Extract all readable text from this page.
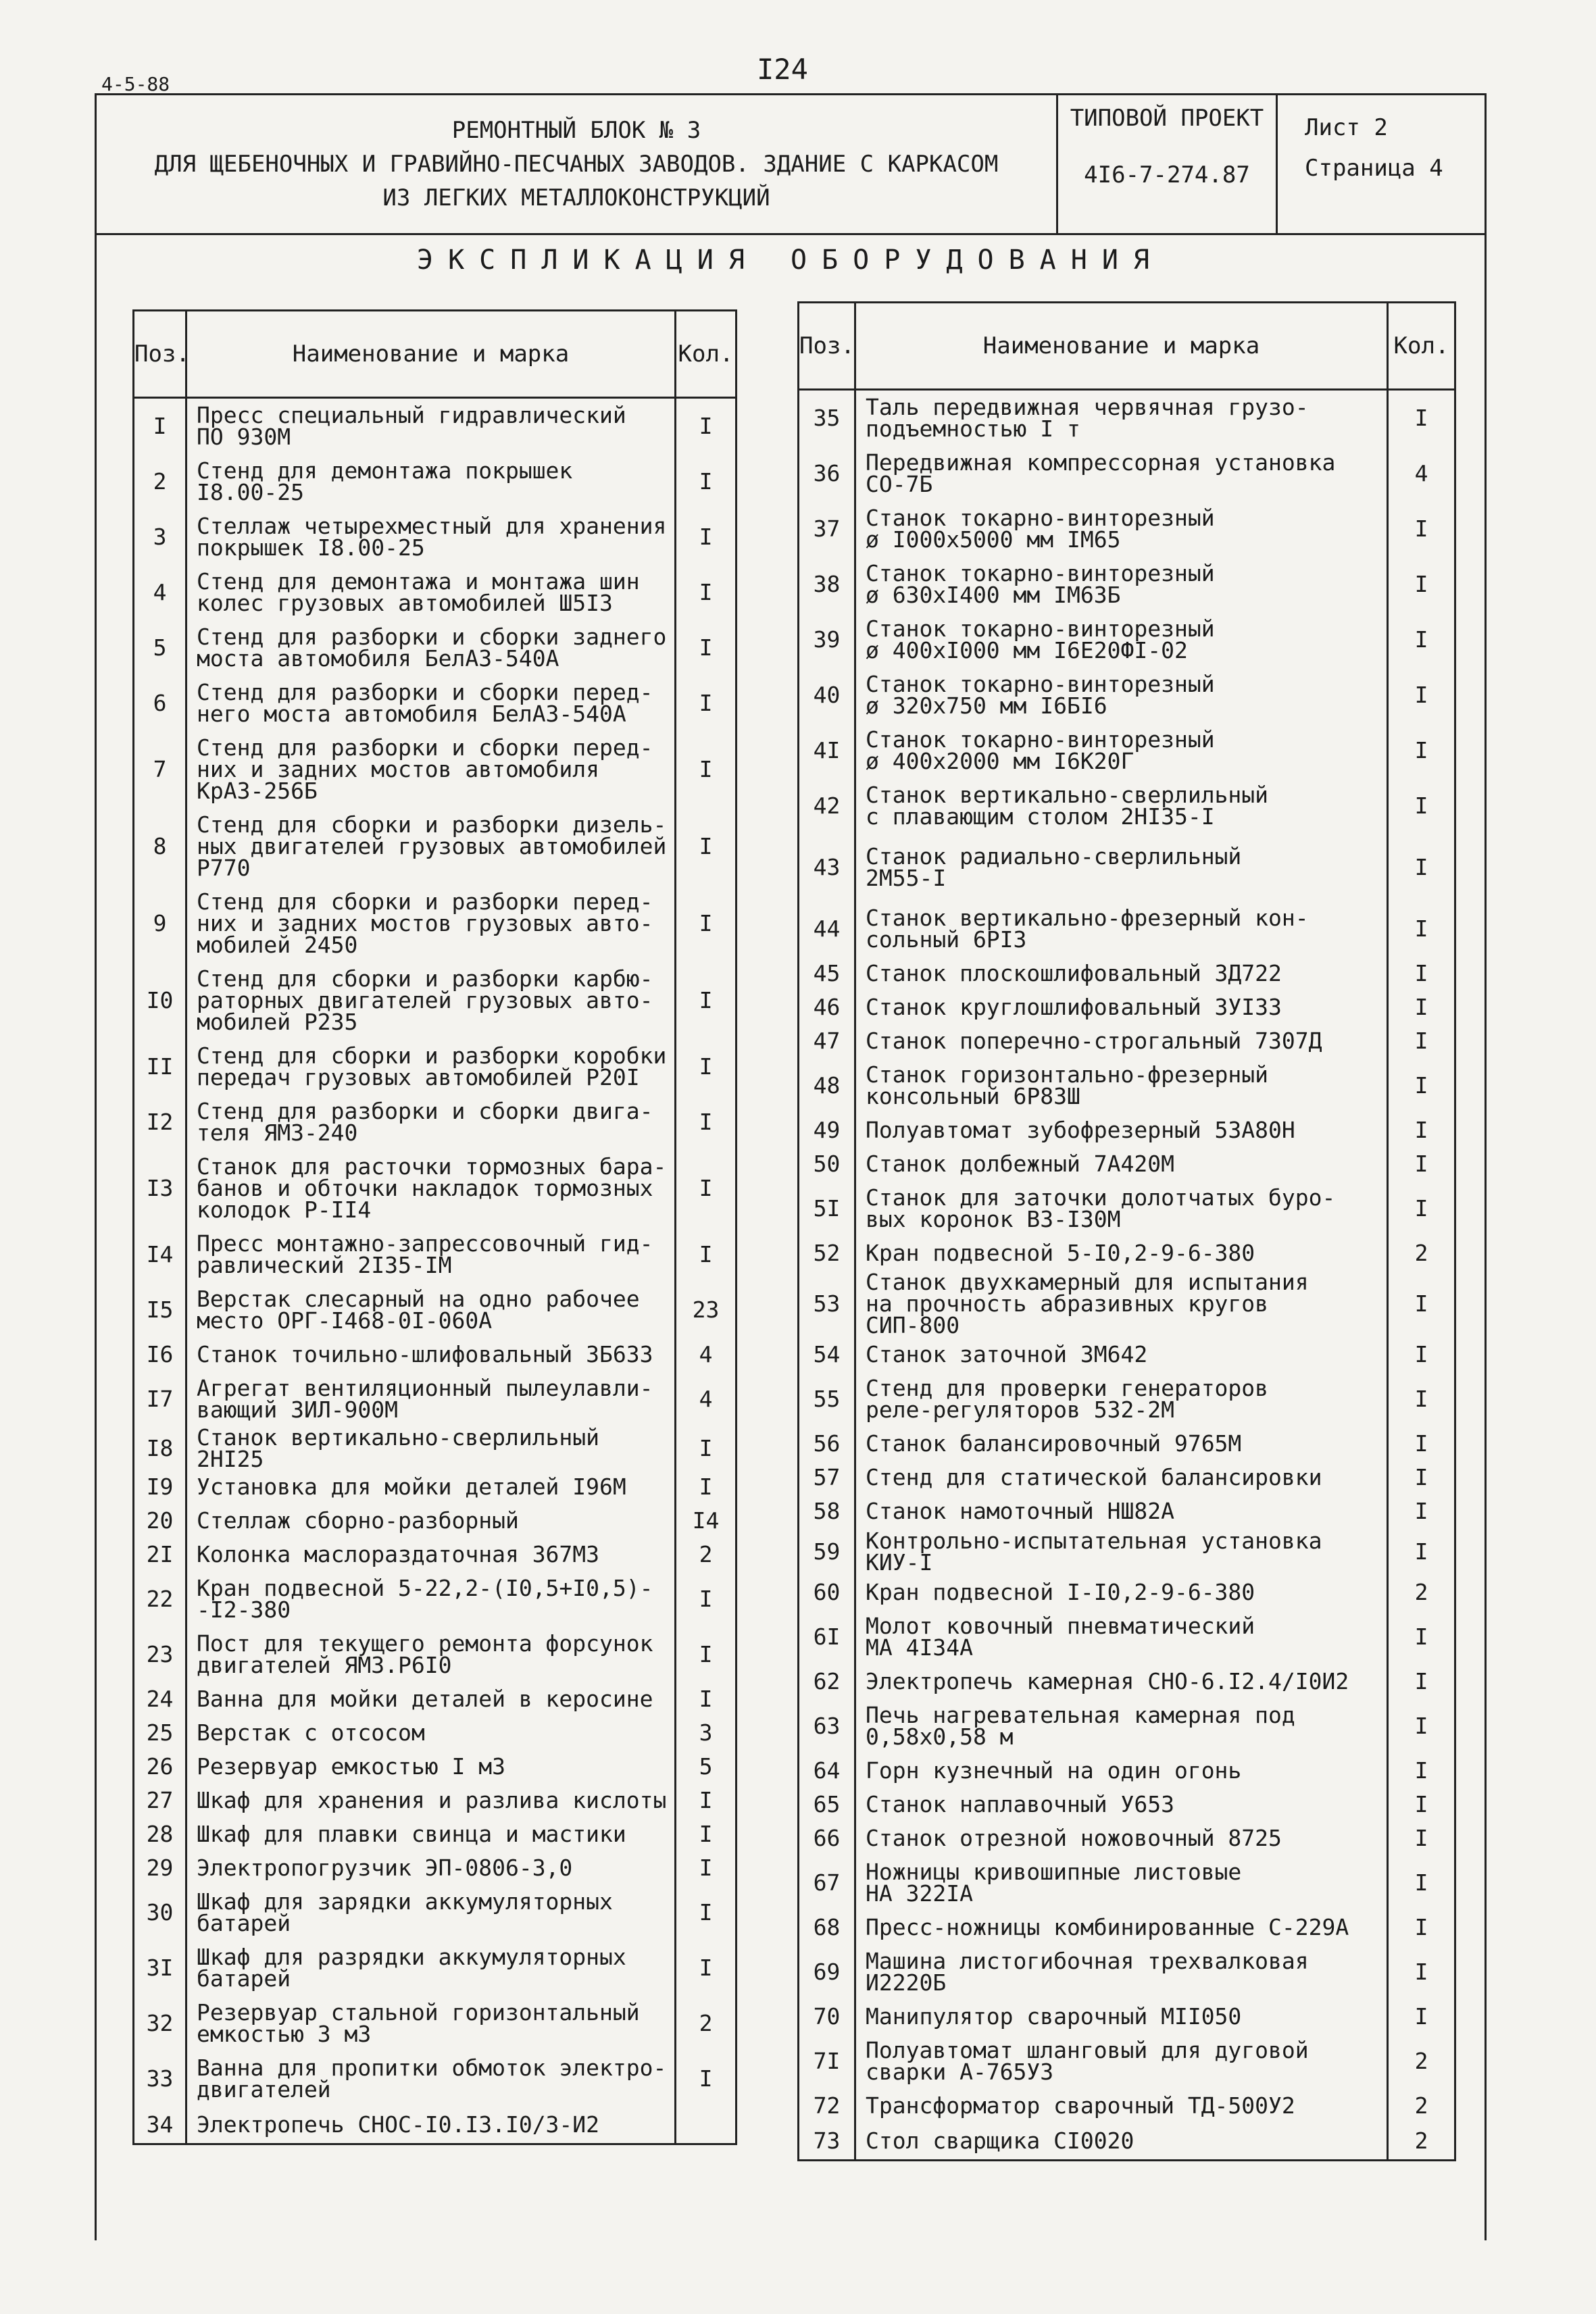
4-5-88	I24
РЕМОНТНЫЙ БЛОК № 3
ДЛЯ ЩЕБЕНОЧНЫХ И ГРАВИЙНО-ПЕСЧАНЫХ ЗАВОДОВ. ЗДАНИЕ С КАРКАСОМ
ИЗ ЛЕГКИХ МЕТАЛЛОКОНСТРУКЦИЙ
ТИПОВОЙ ПРОЕКТ
4I6-7-274.87
Лист 2
Страница 4
ЭКСПЛИКАЦИЯ ОБОРУДОВАНИЯ
Поз.	Наименование и марка	Кол.

I	Пресс специальный гидравлический
ПО 930М	I

2	Стенд для демонтажа покрышек
I8.00-25	I

3	Стеллаж четырехместный для хранения
покрышек I8.00-25	I

4	Стенд для демонтажа и монтажа шин
колес грузовых автомобилей Ш5I3	I

5	Стенд для разборки и сборки заднего
моста автомобиля БелАЗ-540А	I

6	Стенд для разборки и сборки перед-
него моста автомобиля БелАЗ-540А	I

7	Стенд для разборки и сборки перед-
них и задних мостов автомобиля
КрАЗ-256Б	I

8	Стенд для сборки и разборки дизель-
ных двигателей грузовых автомобилей
Р770	I

9	Стенд для сборки и разборки перед-
них и задних мостов грузовых авто-
мобилей 2450	I

I0	Стенд для сборки и разборки карбю-
раторных двигателей грузовых авто-
мобилей Р235	I

II	Стенд для сборки и разборки коробки
передач грузовых автомобилей Р20I	I

I2	Стенд для разборки и сборки двига-
теля ЯМЗ-240	I

I3	Станок для расточки тормозных бара-
банов и обточки накладок тормозных
колодок Р-II4	I

I4	Пресс монтажно-запрессовочный гид-
равлический 2I35-IМ	I

I5	Верстак слесарный на одно рабочее
место ОРГ-I468-0I-060А	23

I6	Станок точильно-шлифовальный 3Б633	4

I7	Агрегат вентиляционный пылеулавли-
вающий ЗИЛ-900М	4

I8	Станок вертикально-сверлильный 2НI25	I

I9	Установка для мойки деталей I96М	I

20	Стеллаж сборно-разборный	I4

2I	Колонка маслораздаточная 367М3	2

22	Кран подвесной 5-22,2-(I0,5+I0,5)-
-I2-380	I

23	Пост для текущего ремонта форсунок
двигателей ЯМЗ.Р6I0	I

24	Ванна для мойки деталей в керосине	I

25	Верстак с отсосом	3

26	Резервуар емкостью I м3	5

27	Шкаф для хранения и разлива кислоты	I

28	Шкаф для плавки свинца и мастики	I

29	Электропогрузчик ЭП-0806-3,0	I

30	Шкаф для зарядки аккумуляторных
батарей	I

3I	Шкаф для разрядки аккумуляторных
батарей	I

32	Резервуар стальной горизонтальный
емкостью 3 м3	2

33	Ванна для пропитки обмоток электро-
двигателей	I

34	Электропечь СНОС-I0.I3.I0/3-И2	

Поз.	Наименование и марка	Кол.

35	Таль передвижная червячная грузо-
подъемностью I т	I

36	Передвижная компрессорная установка
СО-7Б	4

37	Станок токарно-винторезный
ø I000х5000 мм IМ65	I

38	Станок токарно-винторезный
ø 630хI400 мм IМ63Б	I

39	Станок токарно-винторезный
ø 400хI000 мм I6Е20ФI-02	I

40	Станок токарно-винторезный
ø 320х750 мм I6БI6	I

4I	Станок токарно-винторезный
ø 400х2000 мм I6К20Г	I

42	Станок вертикально-сверлильный
с плавающим столом 2НI35-I	I

43	Станок радиально-сверлильный
2М55-I	I

44	Станок вертикально-фрезерный кон-
сольный 6РI3	I

45	Станок плоскошлифовальный 3Д722	I

46	Станок круглошлифовальный 3УI33	I

47	Станок поперечно-строгальный 7307Д	I

48	Станок горизонтально-фрезерный
консольный 6Р83Ш	I

49	Полуавтомат зубофрезерный 53А80Н	I

50	Станок долбежный 7А420М	I

5I	Станок для заточки долотчатых буро-
вых коронок В3-I30М	I

52	Кран подвесной 5-I0,2-9-6-380	2

53	Станок двухкамерный для испытания
на прочность абразивных кругов
СИП-800	I

54	Станок заточной 3М642	I

55	Стенд для проверки генераторов
реле-регуляторов 532-2М	I

56	Станок балансировочный 9765М	I

57	Стенд для статической балансировки	I

58	Станок намоточный НШ82А	I

59	Контрольно-испытательная установка
КИУ-I	I

60	Кран подвесной I-I0,2-9-6-380	2

6I	Молот ковочный пневматический
МА 4I34А	I

62	Электропечь камерная СНО-6.I2.4/I0И2	I

63	Печь нагревательная камерная под
0,58х0,58 м	I

64	Горн кузнечный на один огонь	I

65	Станок наплавочный У653	I

66	Станок отрезной ножовочный 8725	I

67	Ножницы кривошипные листовые
НА 322IА	I

68	Пресс-ножницы комбинированные С-229А	I

69	Машина листогибочная трехвалковая
И2220Б	I

70	Манипулятор сварочный МII050	I

7I	Полуавтомат шланговый для дуговой
сварки А-765У3	2

72	Трансформатор сварочный ТД-500У2	2

73	Стол сварщика СI0020	2
